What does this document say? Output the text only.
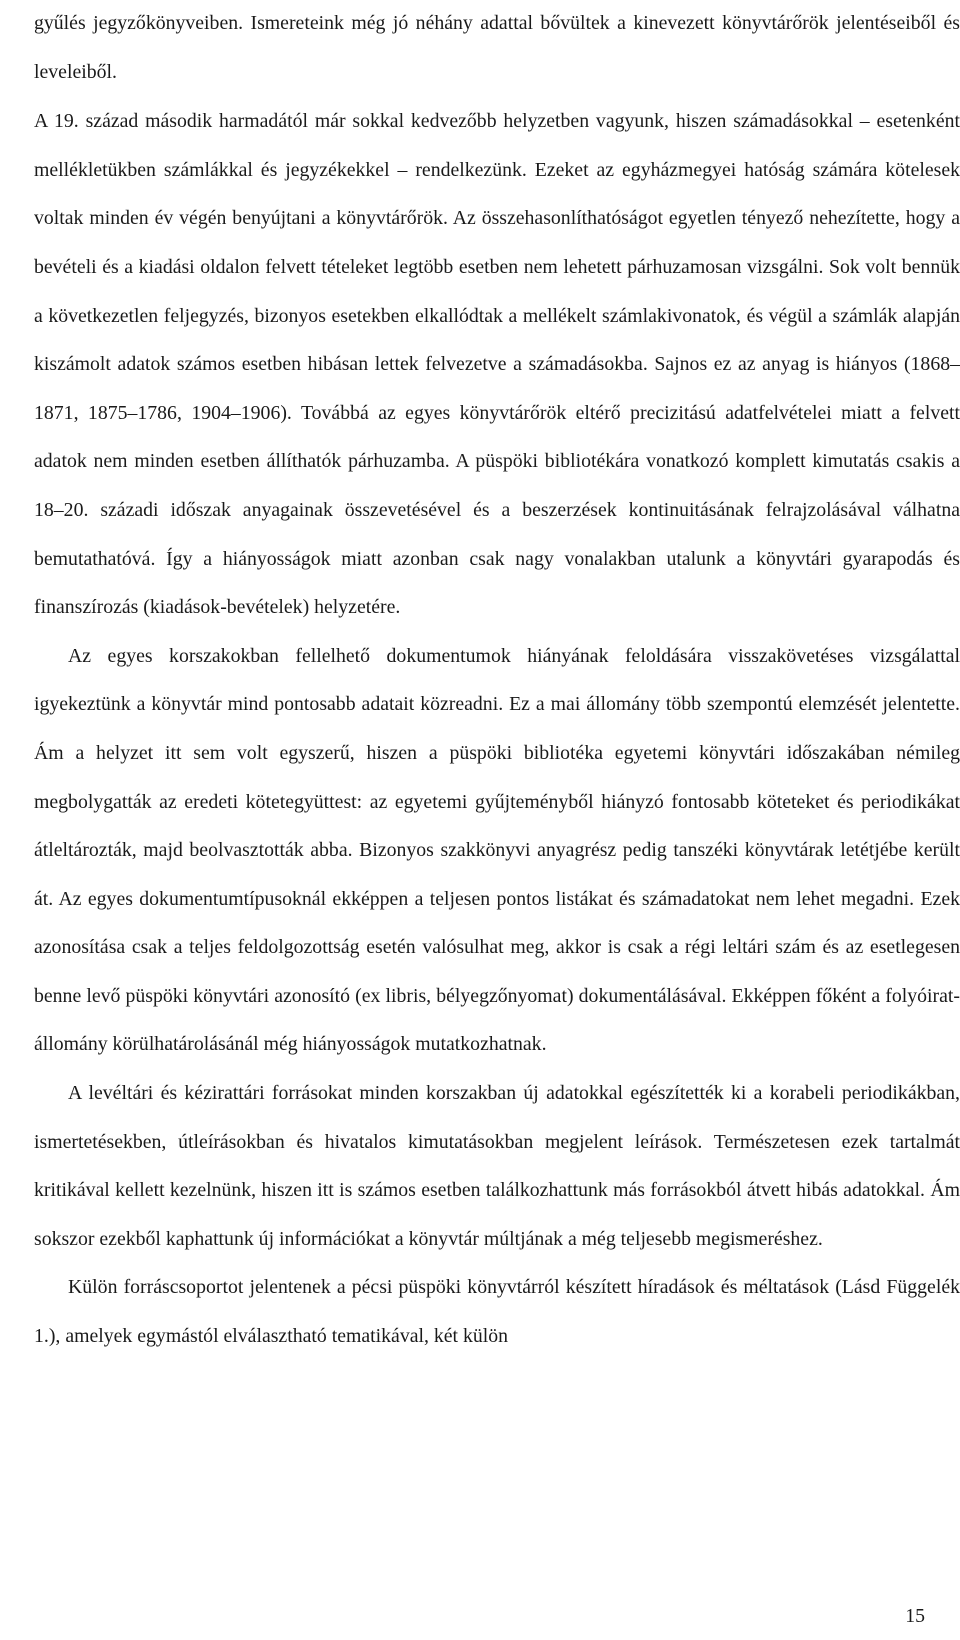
gyűlés jegyzőkönyveiben. Ismereteink még jó néhány adattal bővültek a kinevezett könyvtárőrök jelentéseiből és leveleiből.

A 19. század második harmadától már sokkal kedvezőbb helyzetben vagyunk, hiszen számadásokkal – esetenként mellékletükben számlákkal és jegyzékekkel – rendelkezünk. Ezeket az egyházmegyei hatóság számára kötelesek voltak minden év végén benyújtani a könyvtárőrök. Az összehasonlíthatóságot egyetlen tényező nehezítette, hogy a bevételi és a kiadási oldalon felvett tételeket legtöbb esetben nem lehetett párhuzamosan vizsgálni. Sok volt bennük a következetlen feljegyzés, bizonyos esetekben elkallódtak a mellékelt számlakivonatok, és végül a számlák alapján kiszámolt adatok számos esetben hibásan lettek felvezetve a számadásokba. Sajnos ez az anyag is hiányos (1868–1871, 1875–1786, 1904–1906). Továbbá az egyes könyvtárőrök eltérő precizitású adatfelvételei miatt a felvett adatok nem minden esetben állíthatók párhuzamba. A püspöki bibliotékára vonatkozó komplett kimutatás csakis a 18–20. századi időszak anyagainak összevetésével és a beszerzések kontinuitásának felrajzolásával válhatna bemutathatóvá. Így a hiányosságok miatt azonban csak nagy vonalakban utalunk a könyvtári gyarapodás és finanszírozás (kiadások-bevételek) helyzetére.

Az egyes korszakokban fellelhető dokumentumok hiányának feloldására visszakövetéses vizsgálattal igyekeztünk a könyvtár mind pontosabb adatait közreadni. Ez a mai állomány több szempontú elemzését jelentette. Ám a helyzet itt sem volt egyszerű, hiszen a püspöki bibliotéka egyetemi könyvtári időszakában némileg megbolygatták az eredeti kötetegyüttest: az egyetemi gyűjteményből hiányzó fontosabb köteteket és periodikákat átleltározták, majd beolvasztották abba. Bizonyos szakkönyvi anyagrész pedig tanszéki könyvtárak letétjébe került át. Az egyes dokumentumtípusoknál ekképpen a teljesen pontos listákat és számadatokat nem lehet megadni. Ezek azonosítása csak a teljes feldolgozottság esetén valósulhat meg, akkor is csak a régi leltári szám és az esetlegesen benne levő püspöki könyvtári azonosító (ex libris, bélyegzőnyomat) dokumentálásával. Ekképpen főként a folyóirat-állomány körülhatárolásánál még hiányosságok mutatkozhatnak.

A levéltári és kézirattári forrásokat minden korszakban új adatokkal egészítették ki a korabeli periodikákban, ismertetésekben, útleírásokban és hivatalos kimutatásokban megjelent leírások. Természetesen ezek tartalmát kritikával kellett kezelnünk, hiszen itt is számos esetben találkozhattunk más forrásokból átvett hibás adatokkal. Ám sokszor ezekből kaphattunk új információkat a könyvtár múltjának a még teljesebb megismeréshez.

Külön forráscsoportot jelentenek a pécsi püspöki könyvtárról készített híradások és méltatások (Lásd Függelék 1.), amelyek egymástól elválasztható tematikával, két külön

15
